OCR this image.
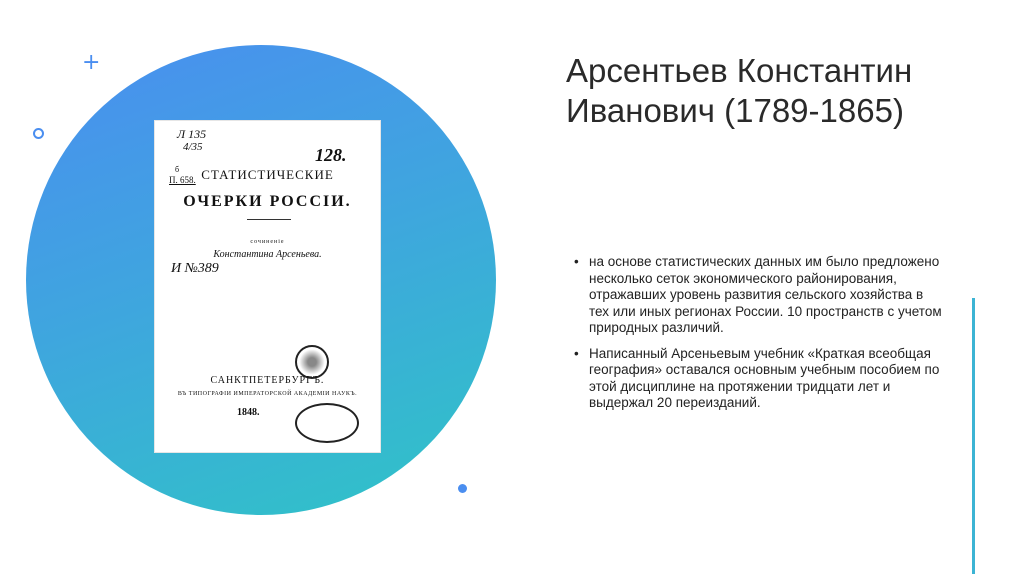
+
Л 135
4/35	128.
б
П. 658. СТАТИСТИЧЕСКИЕ
ОЧЕРКИ РОССІИ.
сочиненіе
Константина Арсеньева.
И №389
САНКТПЕТЕРБУРГЪ.
ВЪ ТИПОГРАФІИ ИМПЕРАТОРСКОЙ АКАДЕМІИ НАУКЪ.
1848.
Арсентьев Константин Иванович (1789-1865)
• на основе статистических данных им было предложено несколько сеток экономического районирования, отражавших уровень развития сельского хозяйства в тех или иных регионах России. 10 пространств с учетом природных различий.
• Написанный Арсеньевым учебник «Краткая всеобщая география» оставался основным учебным пособием по этой дисциплине на протяжении тридцати лет и выдержал 20 переизданий.
